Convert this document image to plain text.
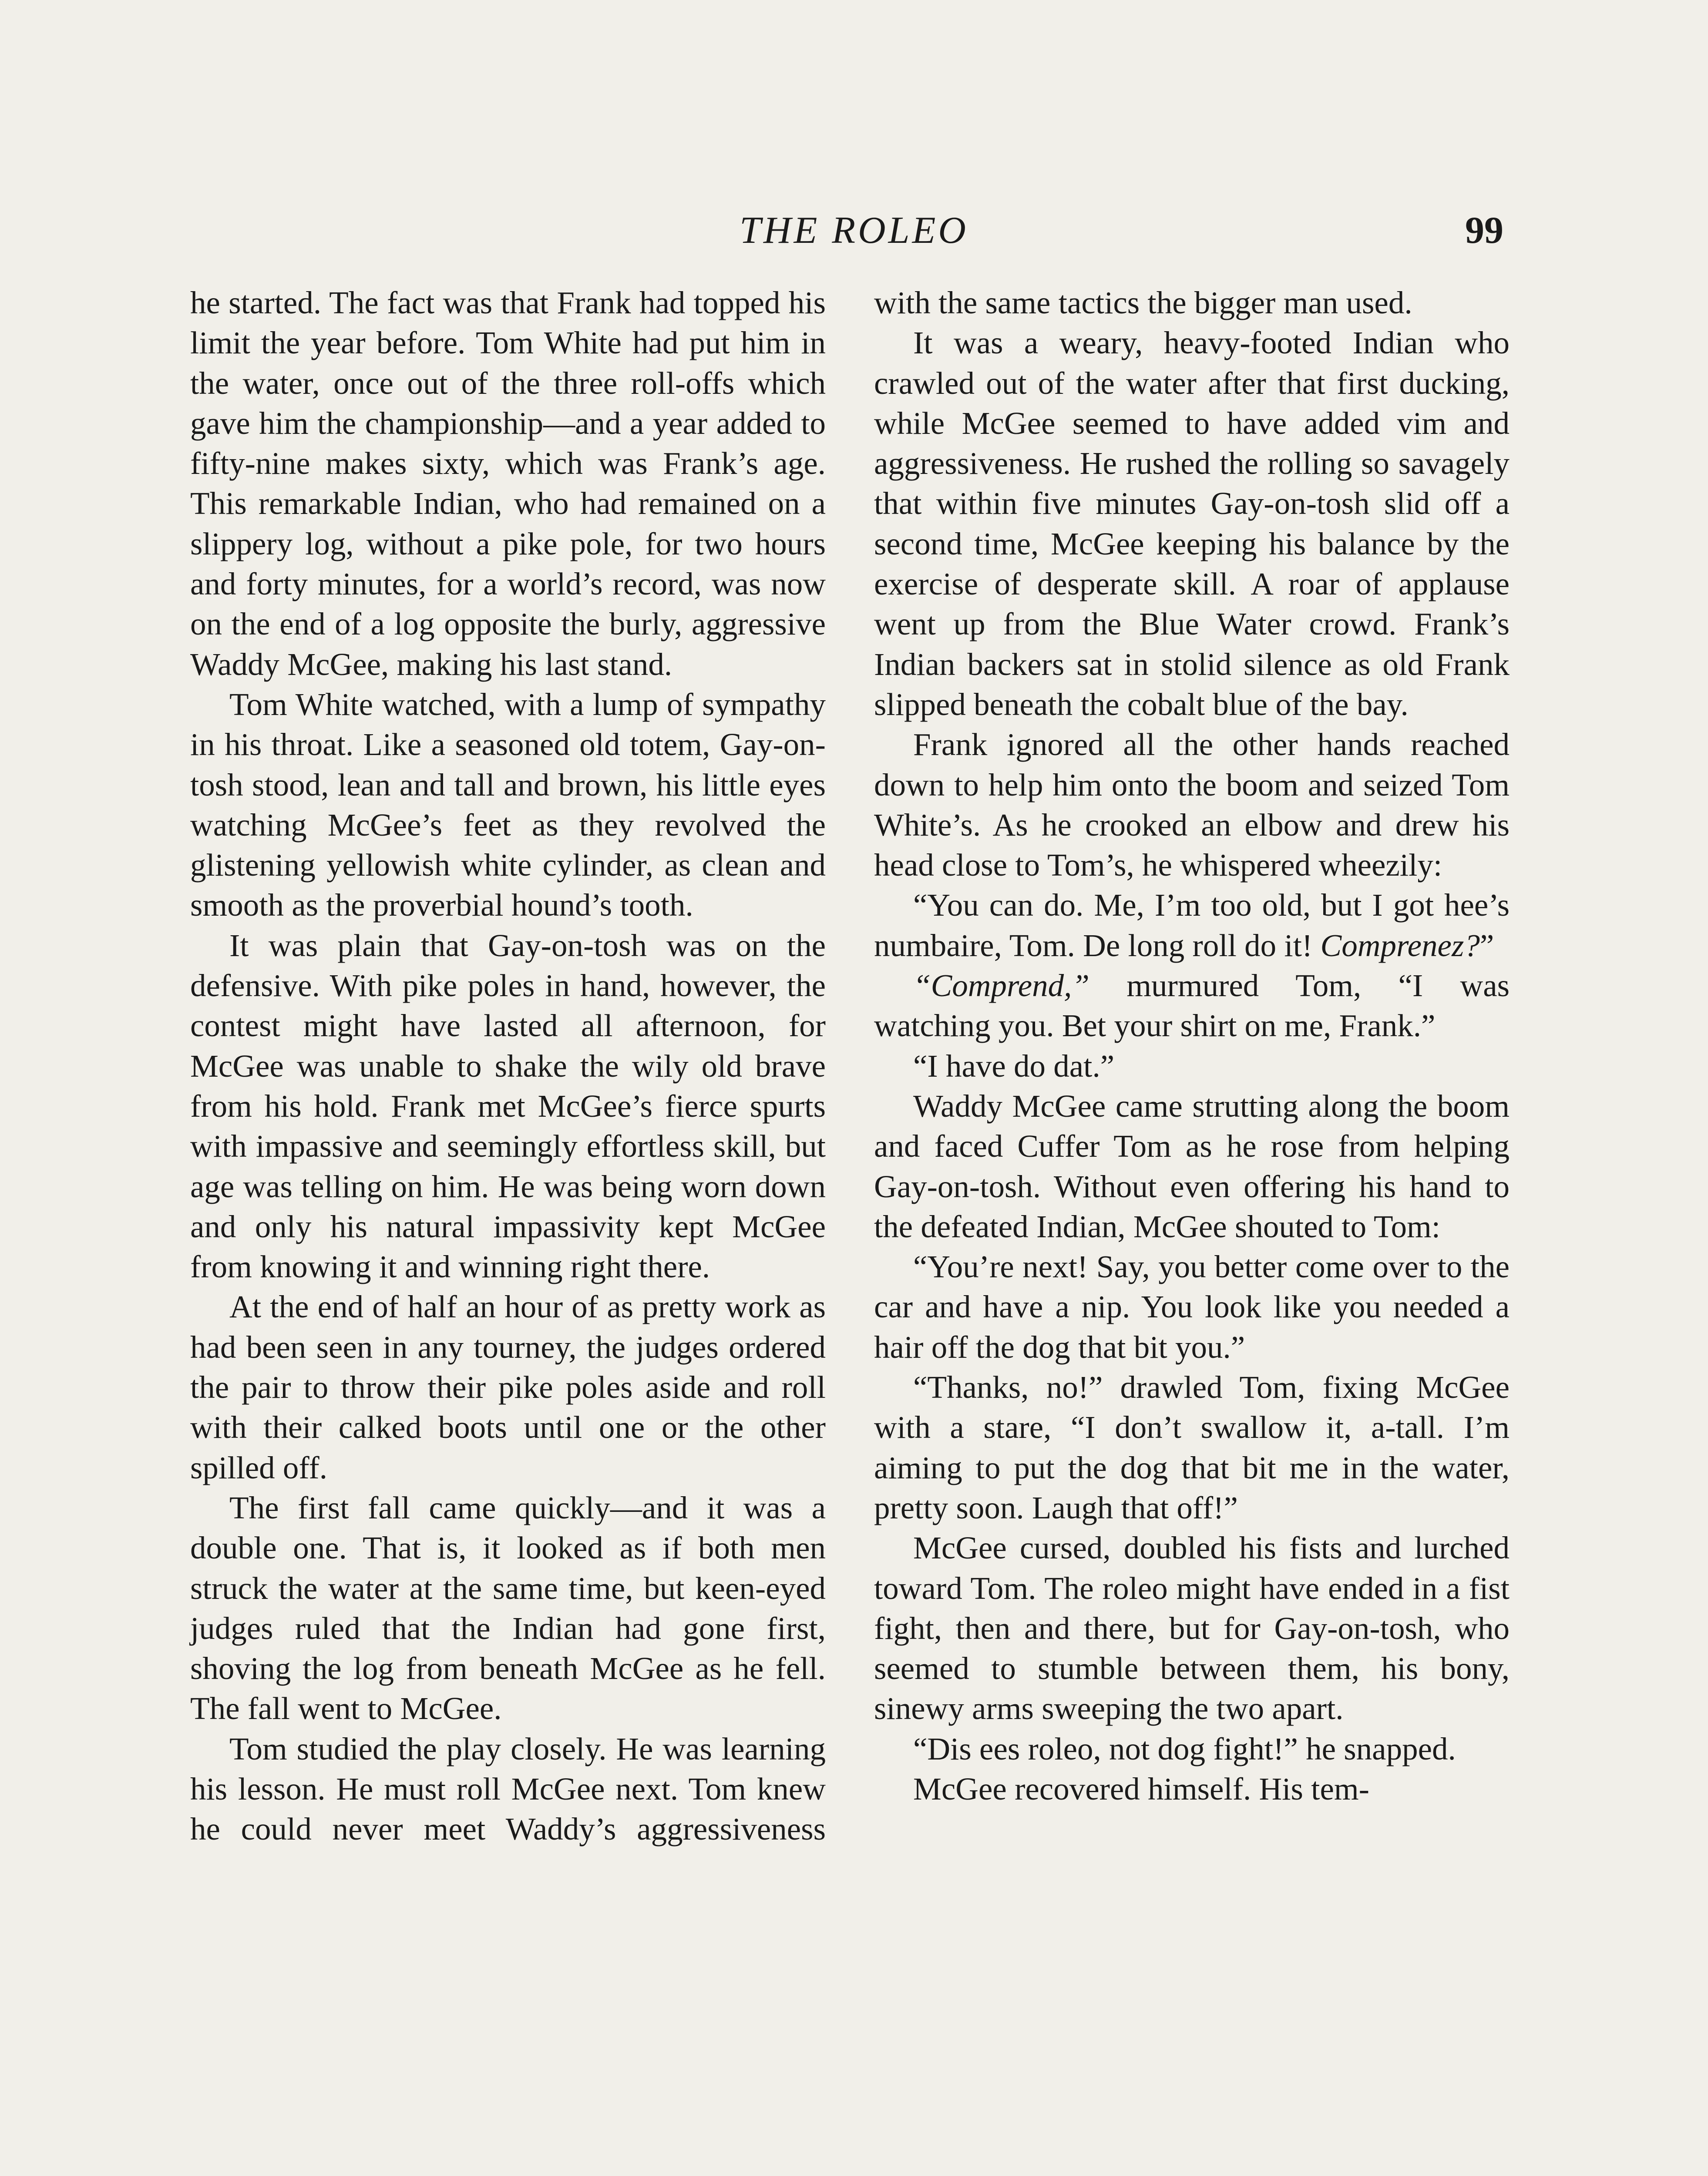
THE ROLEO	99

he started. The fact was that Frank had topped his limit the year before. Tom White had put him in the water, once out of the three roll-offs which gave him the championship—and a year added to fifty-nine makes sixty, which was Frank’s age. This remarkable Indian, who had remained on a slippery log, without a pike pole, for two hours and forty minutes, for a world’s record, was now on the end of a log opposite the burly, aggressive Waddy McGee, making his last stand.

Tom White watched, with a lump of sympathy in his throat. Like a seasoned old totem, Gay-on-tosh stood, lean and tall and brown, his little eyes watching McGee’s feet as they revolved the glistening yellowish white cylinder, as clean and smooth as the proverbial hound’s tooth.

It was plain that Gay-on-tosh was on the defensive. With pike poles in hand, however, the contest might have lasted all afternoon, for McGee was unable to shake the wily old brave from his hold. Frank met McGee’s fierce spurts with impassive and seemingly effortless skill, but age was telling on him. He was being worn down and only his natural impassivity kept McGee from knowing it and winning right there.

At the end of half an hour of as pretty work as had been seen in any tourney, the judges ordered the pair to throw their pike poles aside and roll with their calked boots until one or the other spilled off.

The first fall came quickly—and it was a double one. That is, it looked as if both men struck the water at the same time, but keen-eyed judges ruled that the Indian had gone first, shoving the log from beneath McGee as he fell. The fall went to McGee.

Tom studied the play closely. He was learning his lesson. He must roll McGee next. Tom knew he could never meet Waddy’s aggressiveness

with the same tactics the bigger man used.

It was a weary, heavy-footed Indian who crawled out of the water after that first ducking, while McGee seemed to have added vim and aggressiveness. He rushed the rolling so savagely that within five minutes Gay-on-tosh slid off a second time, McGee keeping his balance by the exercise of desperate skill. A roar of applause went up from the Blue Water crowd. Frank’s Indian backers sat in stolid silence as old Frank slipped beneath the cobalt blue of the bay.

Frank ignored all the other hands reached down to help him onto the boom and seized Tom White’s. As he crooked an elbow and drew his head close to Tom’s, he whispered wheezily:

“You can do. Me, I’m too old, but I got hee’s numbaire, Tom. De long roll do it! Comprenez?”

“Comprend,” murmured Tom, “I was watching you. Bet your shirt on me, Frank.”

“I have do dat.”

Waddy McGee came strutting along the boom and faced Cuffer Tom as he rose from helping Gay-on-tosh. Without even offering his hand to the defeated Indian, McGee shouted to Tom:

“You’re next! Say, you better come over to the car and have a nip. You look like you needed a hair off the dog that bit you.”

“Thanks, no!” drawled Tom, fixing McGee with a stare, “I don’t swallow it, a-tall. I’m aiming to put the dog that bit me in the water, pretty soon. Laugh that off!”

McGee cursed, doubled his fists and lurched toward Tom. The roleo might have ended in a fist fight, then and there, but for Gay-on-tosh, who seemed to stumble between them, his bony, sinewy arms sweeping the two apart.

“Dis ees roleo, not dog fight!” he snapped.

McGee recovered himself. His tem-
